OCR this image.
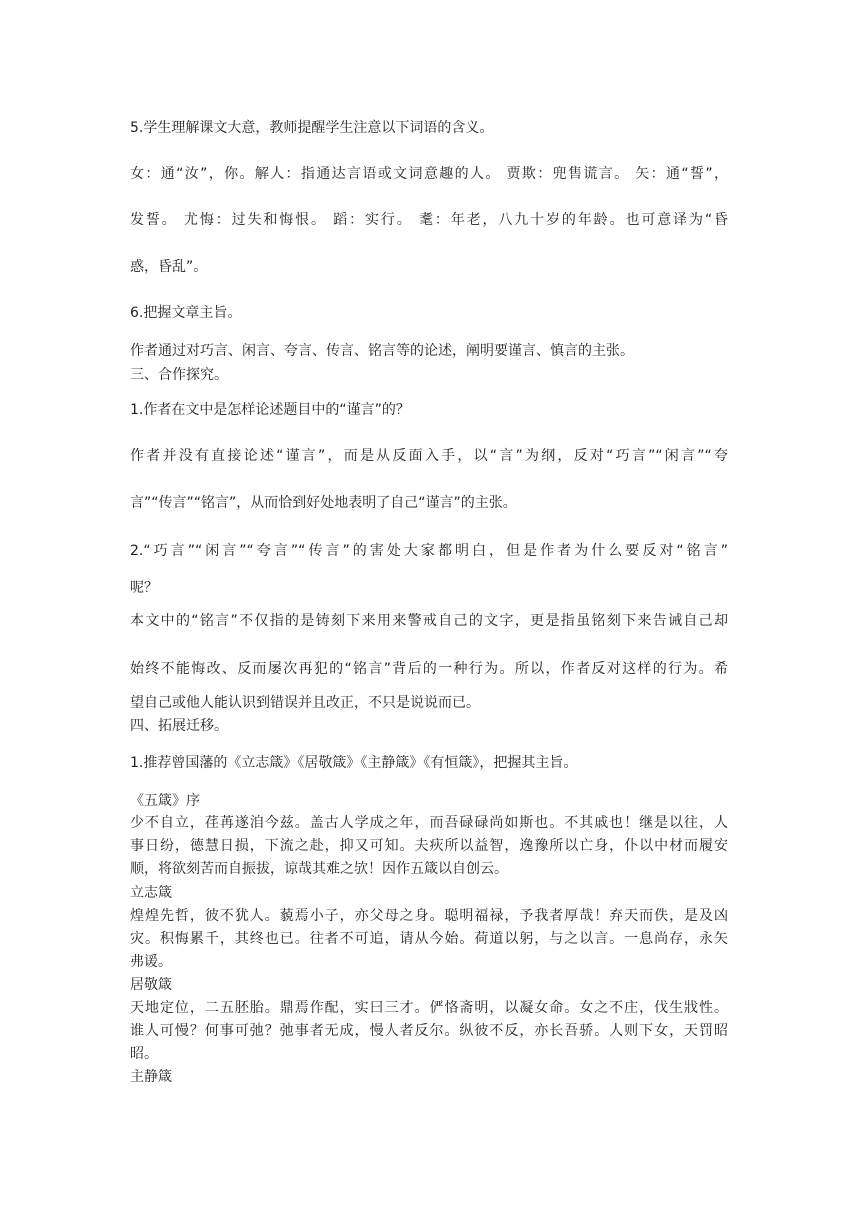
5.学生理解课文大意，教师提醒学生注意以下词语的含义。

女：通“汝”，你。解人：指通达言语或文词意趣的人。 贾欺：兜售谎言。 矢：通“誓”，

发誓。 尤悔：过失和悔恨。 蹈：实行。 耄：年老，八九十岁的年龄。也可意译为“昏

惑，昏乱”。

6.把握文章主旨。

作者通过对巧言、闲言、夸言、传言、铭言等的论述，阐明要谨言、慎言的主张。

三、合作探究。

1.作者在文中是怎样论述题目中的“谨言”的？

作者并没有直接论述“谨言”，而是从反面入手，以“言”为纲，反对“巧言”“闲言”“夸

言”“传言”“铭言”，从而恰到好处地表明了自己“谨言”的主张。

2.“巧言”“闲言”“夸言”“传言”的害处大家都明白，但是作者为什么要反对“铭言”

呢？

本文中的“铭言”不仅指的是铸刻下来用来警戒自己的文字，更是指虽铭刻下来告诫自己却

始终不能悔改、反而屡次再犯的“铭言”背后的一种行为。所以，作者反对这样的行为。希

望自己或他人能认识到错误并且改正，不只是说说而已。

四、拓展迁移。

1.推荐曾国藩的《立志箴》《居敬箴》《主静箴》《有恒箴》，把握其主旨。

《五箴》序

少不自立，荏苒遂洎今兹。盖古人学成之年，而吾碌碌尚如斯也。不其戚也！继是以往，人

事日纷，德慧日损，下流之赴，抑又可知。夫疢所以益智，逸豫所以亡身，仆以中材而履安

顺，将欲刻苦而自振拔，谅哉其难之欤！因作五箴以自创云。

立志箴

煌煌先哲，彼不犹人。藐焉小子，亦父母之身。聪明福禄，予我者厚哉！弃天而佚，是及凶

灾。积悔累千，其终也已。往者不可追，请从今始。荷道以躬，与之以言。一息尚存，永矢

弗谖。

居敬箴

天地定位，二五胚胎。鼎焉作配，实曰三才。俨恪斋明，以凝女命。女之不庄，伐生戕性。

谁人可慢？何事可弛？弛事者无成，慢人者反尔。纵彼不反，亦长吾骄。人则下女，天罚昭

昭。

主静箴
